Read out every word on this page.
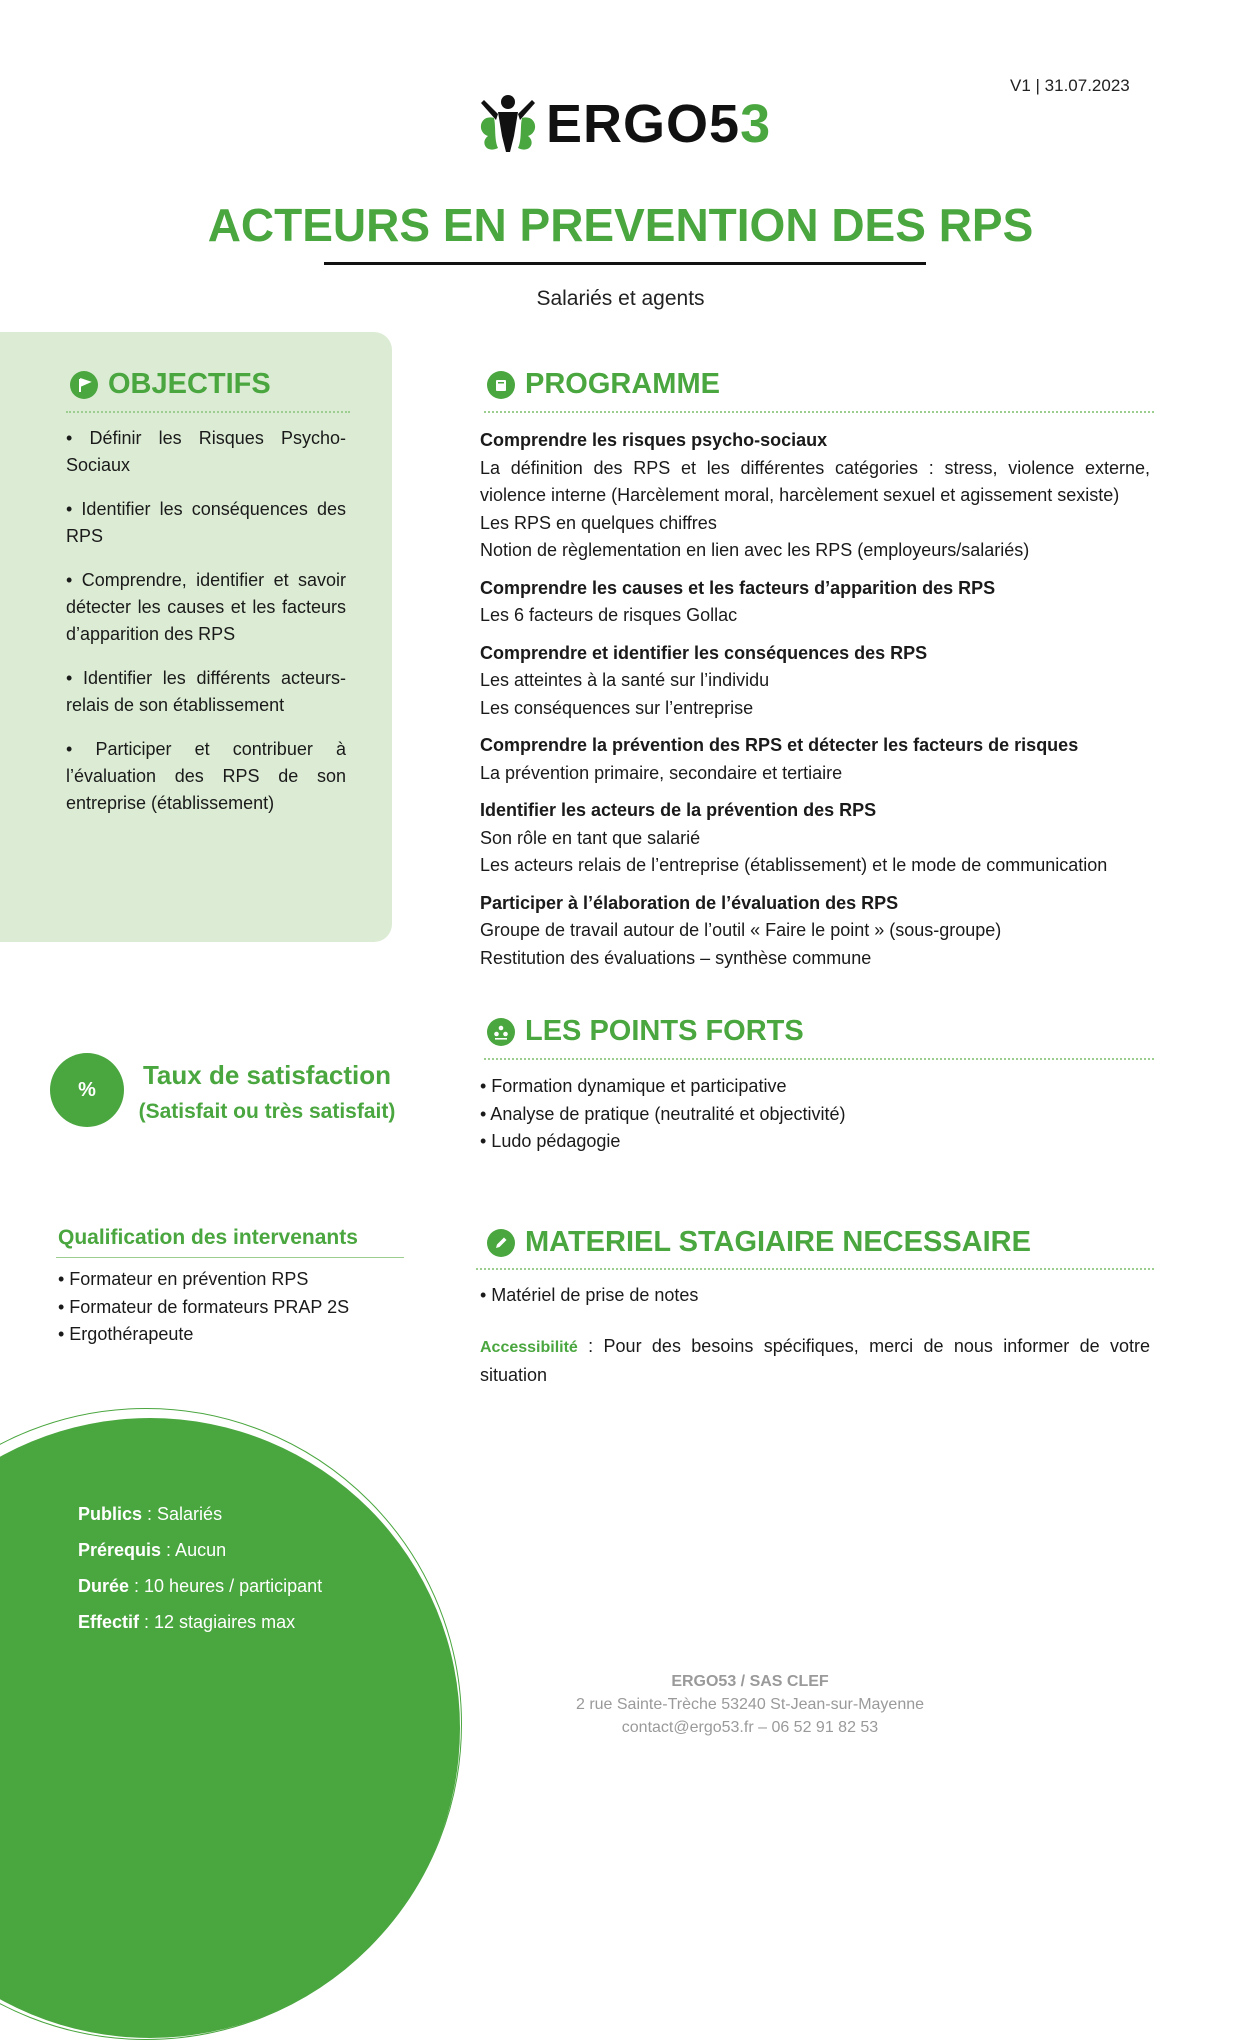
V1 | 31.07.2023
ERGO53
ACTEURS EN PREVENTION DES RPS
Salariés et agents
OBJECTIFS

• Définir les Risques Psycho-Sociaux

• Identifier les conséquences des RPS

• Comprendre, identifier et savoir détecter les causes et les facteurs d’apparition des RPS

• Identifier les différents acteurs-relais de son établissement

• Participer et contribuer à l’évaluation des RPS de son entreprise (établissement)

PROGRAMME
Comprendre les risques psycho-sociaux
La définition des RPS et les différentes catégories : stress, violence externe, violence interne (Harcèlement moral, harcèlement sexuel et agissement sexiste)
Les RPS en quelques chiffres
Notion de règlementation en lien avec les RPS (employeurs/salariés)
Comprendre les causes et les facteurs d’apparition des RPS
Les 6 facteurs de risques Gollac
Comprendre et identifier les conséquences des RPS
Les atteintes à la santé sur l’individu
Les conséquences sur l’entreprise
Comprendre la prévention des RPS et détecter les facteurs de risques
La prévention primaire, secondaire et tertiaire
Identifier les acteurs de la prévention des RPS
Son rôle en tant que salarié
Les acteurs relais de l’entreprise (établissement) et le mode de communication
Participer à l’élaboration de l’évaluation des RPS
Groupe de travail autour de l’outil « Faire le point » (sous-groupe)
Restitution des évaluations – synthèse commune
LES POINTS FORTS
• Formation dynamique et participative
• Analyse de pratique (neutralité et objectivité)
• Ludo pédagogie
%	Taux de satisfaction
(Satisfait ou très satisfait)
Qualification des intervenants
• Formateur en prévention RPS
• Formateur de formateurs PRAP 2S
• Ergothérapeute
MATERIEL STAGIAIRE NECESSAIRE
• Matériel de prise de notes
Accessibilité : Pour des besoins spécifiques, merci de nous informer de votre situation
Publics : Salariés
Prérequis : Aucun
Durée : 10 heures / participant
Effectif : 12 stagiaires max
ERGO53 / SAS CLEF
2 rue Sainte-Trèche 53240 St-Jean-sur-Mayenne
contact@ergo53.fr – 06 52 91 82 53
